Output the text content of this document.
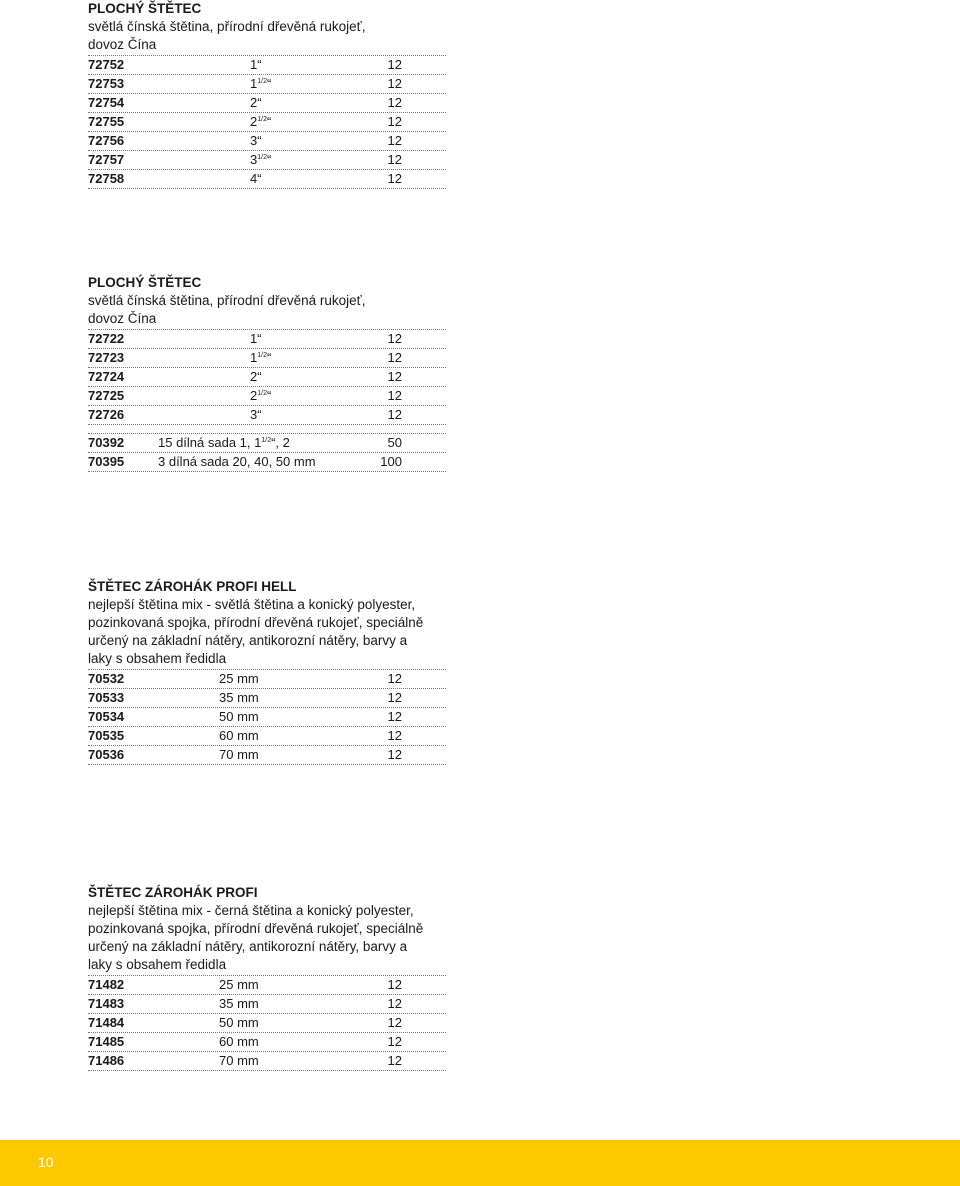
PLOCHÝ ŠTĚTEC

světlá čínská štětina, přírodní dřevěná rukojeť,

dovoz Čína

72752	1“	12
72753	$1^{1/2}“$	12
72754	2“	12
72755	$2^{1/2}“$	12
72756	3“	12
72757	$3^{1/2}“$	12
72758	4“	12

PLOCHÝ ŠTĚTEC

světlá čínská štětina, přírodní dřevěná rukojeť,

dovoz Čína

72722	1“	12
72723	$1^{1/2}“$	12
72724	2“	12
72725	$2^{1/2}“$	12
72726	3“	12
70392	15 dílná sada 1, $1^{1/2}“$, 2	50
70395	3 dílná sada 20, 40, 50 mm	100

ŠTĚTEC ZÁROHÁK PROFI HELL

nejlepší štětina mix - světlá štětina a konický polyester,

pozinkovaná spojka, přírodní dřevěná rukojeť, speciálně

určený na základní nátěry, antikorozní nátěry, barvy a

laky s obsahem ředidla

70532	25 mm	12
70533	35 mm	12
70534	50 mm	12
70535	60 mm	12
70536	70 mm	12

ŠTĚTEC ZÁROHÁK PROFI

nejlepší štětina mix - černá štětina a konický polyester,

pozinkovaná spojka, přírodní dřevěná rukojeť, speciálně

určený na základní nátěry, antikorozní nátěry, barvy a

laky s obsahem ředidla

71482	25 mm	12
71483	35 mm	12
71484	50 mm	12
71485	60 mm	12
71486	70 mm	12
10
